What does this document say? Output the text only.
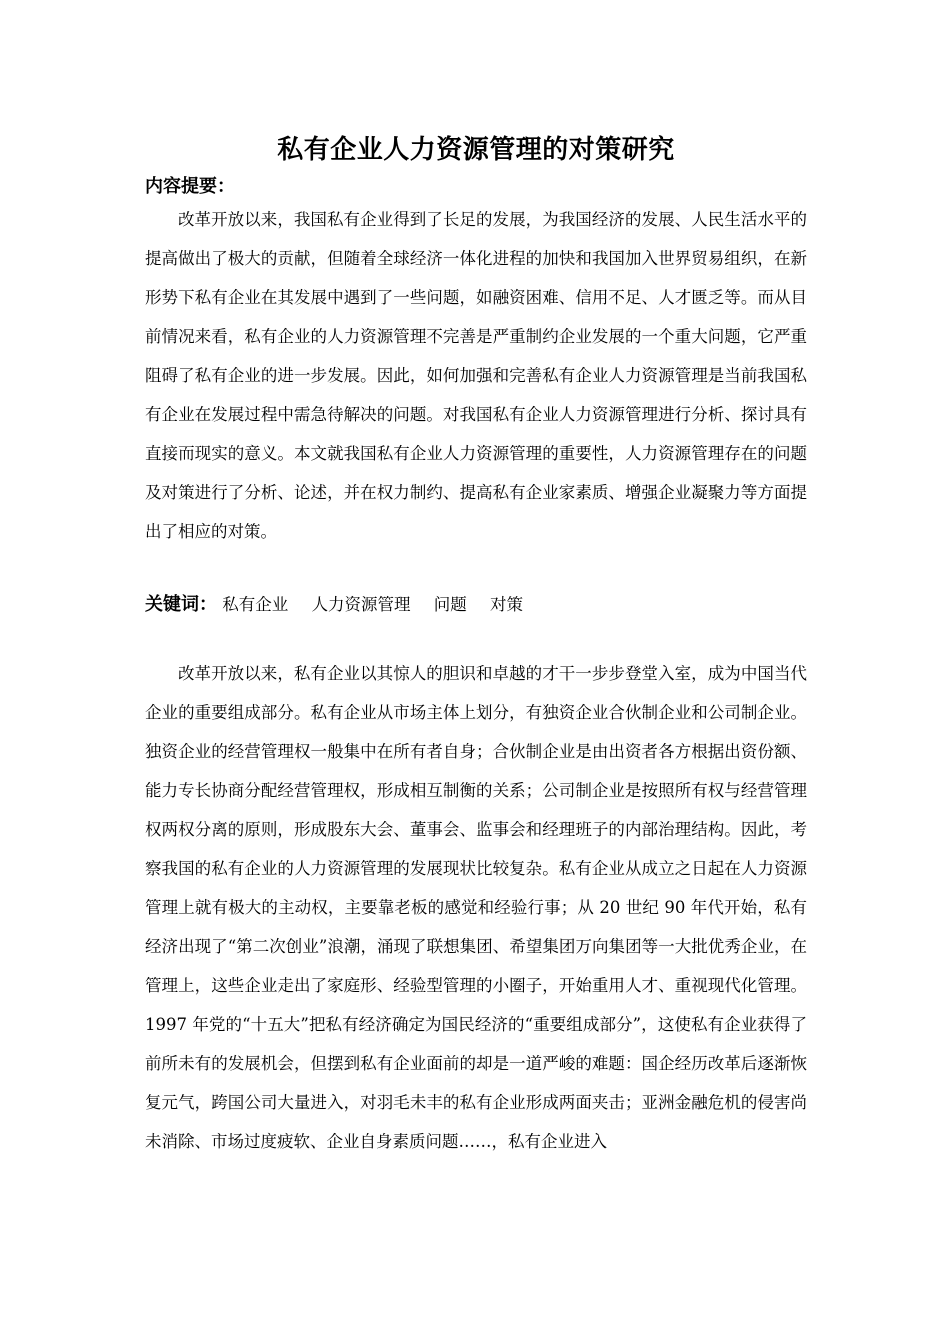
私有企业人力资源管理的对策研究
内容提要：

改革开放以来，我国私有企业得到了长足的发展，为我国经济的发展、人民生活水平的提高做出了极大的贡献，但随着全球经济一体化进程的加快和我国加入世界贸易组织，在新形势下私有企业在其发展中遇到了一些问题，如融资困难、信用不足、人才匮乏等。而从目前情况来看，私有企业的人力资源管理不完善是严重制约企业发展的一个重大问题，它严重阻碍了私有企业的进一步发展。因此，如何加强和完善私有企业人力资源管理是当前我国私有企业在发展过程中需急待解决的问题。对我国私有企业人力资源管理进行分析、探讨具有直接而现实的意义。本文就我国私有企业人力资源管理的重要性，人力资源管理存在的问题及对策进行了分析、论述，并在权力制约、提高私有企业家素质、增强企业凝聚力等方面提出了相应的对策。

关键词： 私有企业 人力资源管理 问题 对策

改革开放以来，私有企业以其惊人的胆识和卓越的才干一步步登堂入室，成为中国当代企业的重要组成部分。私有企业从市场主体上划分，有独资企业合伙制企业和公司制企业。独资企业的经营管理权一般集中在所有者自身；合伙制企业是由出资者各方根据出资份额、能力专长协商分配经营管理权，形成相互制衡的关系；公司制企业是按照所有权与经营管理权两权分离的原则，形成股东大会、董事会、监事会和经理班子的内部治理结构。因此，考察我国的私有企业的人力资源管理的发展现状比较复杂。私有企业从成立之日起在人力资源管理上就有极大的主动权，主要靠老板的感觉和经验行事；从 20 世纪 90 年代开始，私有经济出现了“第二次创业”浪潮，涌现了联想集团、希望集团万向集团等一大批优秀企业，在管理上，这些企业走出了家庭形、经验型管理的小圈子，开始重用人才、重视现代化管理。1997 年党的“十五大”把私有经济确定为国民经济的“重要组成部分”，这使私有企业获得了前所未有的发展机会，但摆到私有企业面前的却是一道严峻的难题：国企经历改革后逐渐恢复元气，跨国公司大量进入，对羽毛未丰的私有企业形成两面夹击；亚洲金融危机的侵害尚未消除、市场过度疲软、企业自身素质问题……，私有企业进入
